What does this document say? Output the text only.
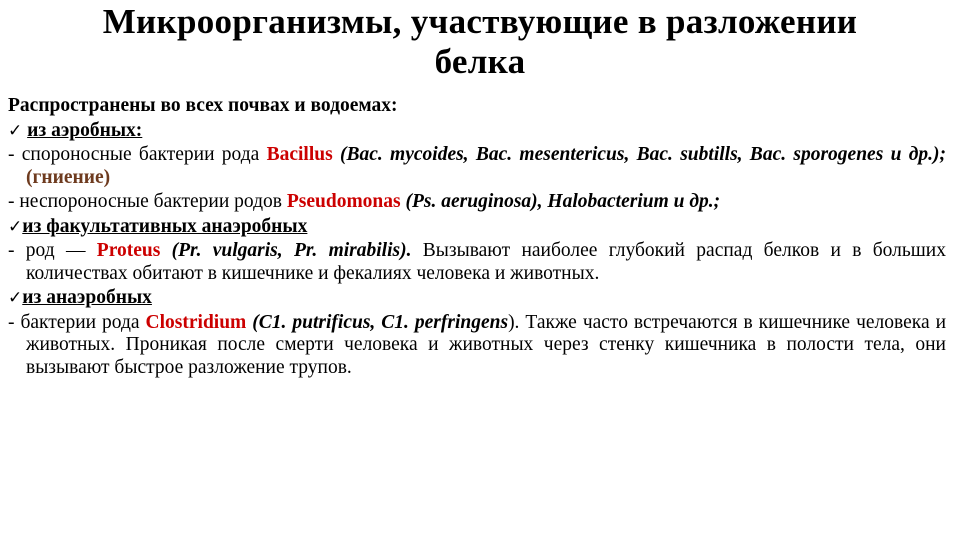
Микроорганизмы, участвующие в разложении
белка

Распространены во всех почвах и водоемах:

✓ из аэробных:

- спороносные бактерии рода Bacillus (Bac. mycoides, Bac. mesentericus, Bac. subtills, Bac. sporogenes и др.); (гниение)

- неспороносные бактерии родов Pseudomonas (Ps. aeruginosa), Halobacterium и др.;

✓из факультативных анаэробных

- род — Proteus (Pr. vulgaris, Pr. mirabilis). Вызывают наиболее глубокий распад белков и в больших количествах обитают в кишечнике и фекалиях человека и животных.

✓из анаэробных

- бактерии рода Clostridium (C1. putrificus, C1. perfringens). Также часто встречаются в кишечнике человека и животных. Проникая после смерти человека и животных через стенку кишечника в полости тела, они вызывают быстрое разложение трупов.
